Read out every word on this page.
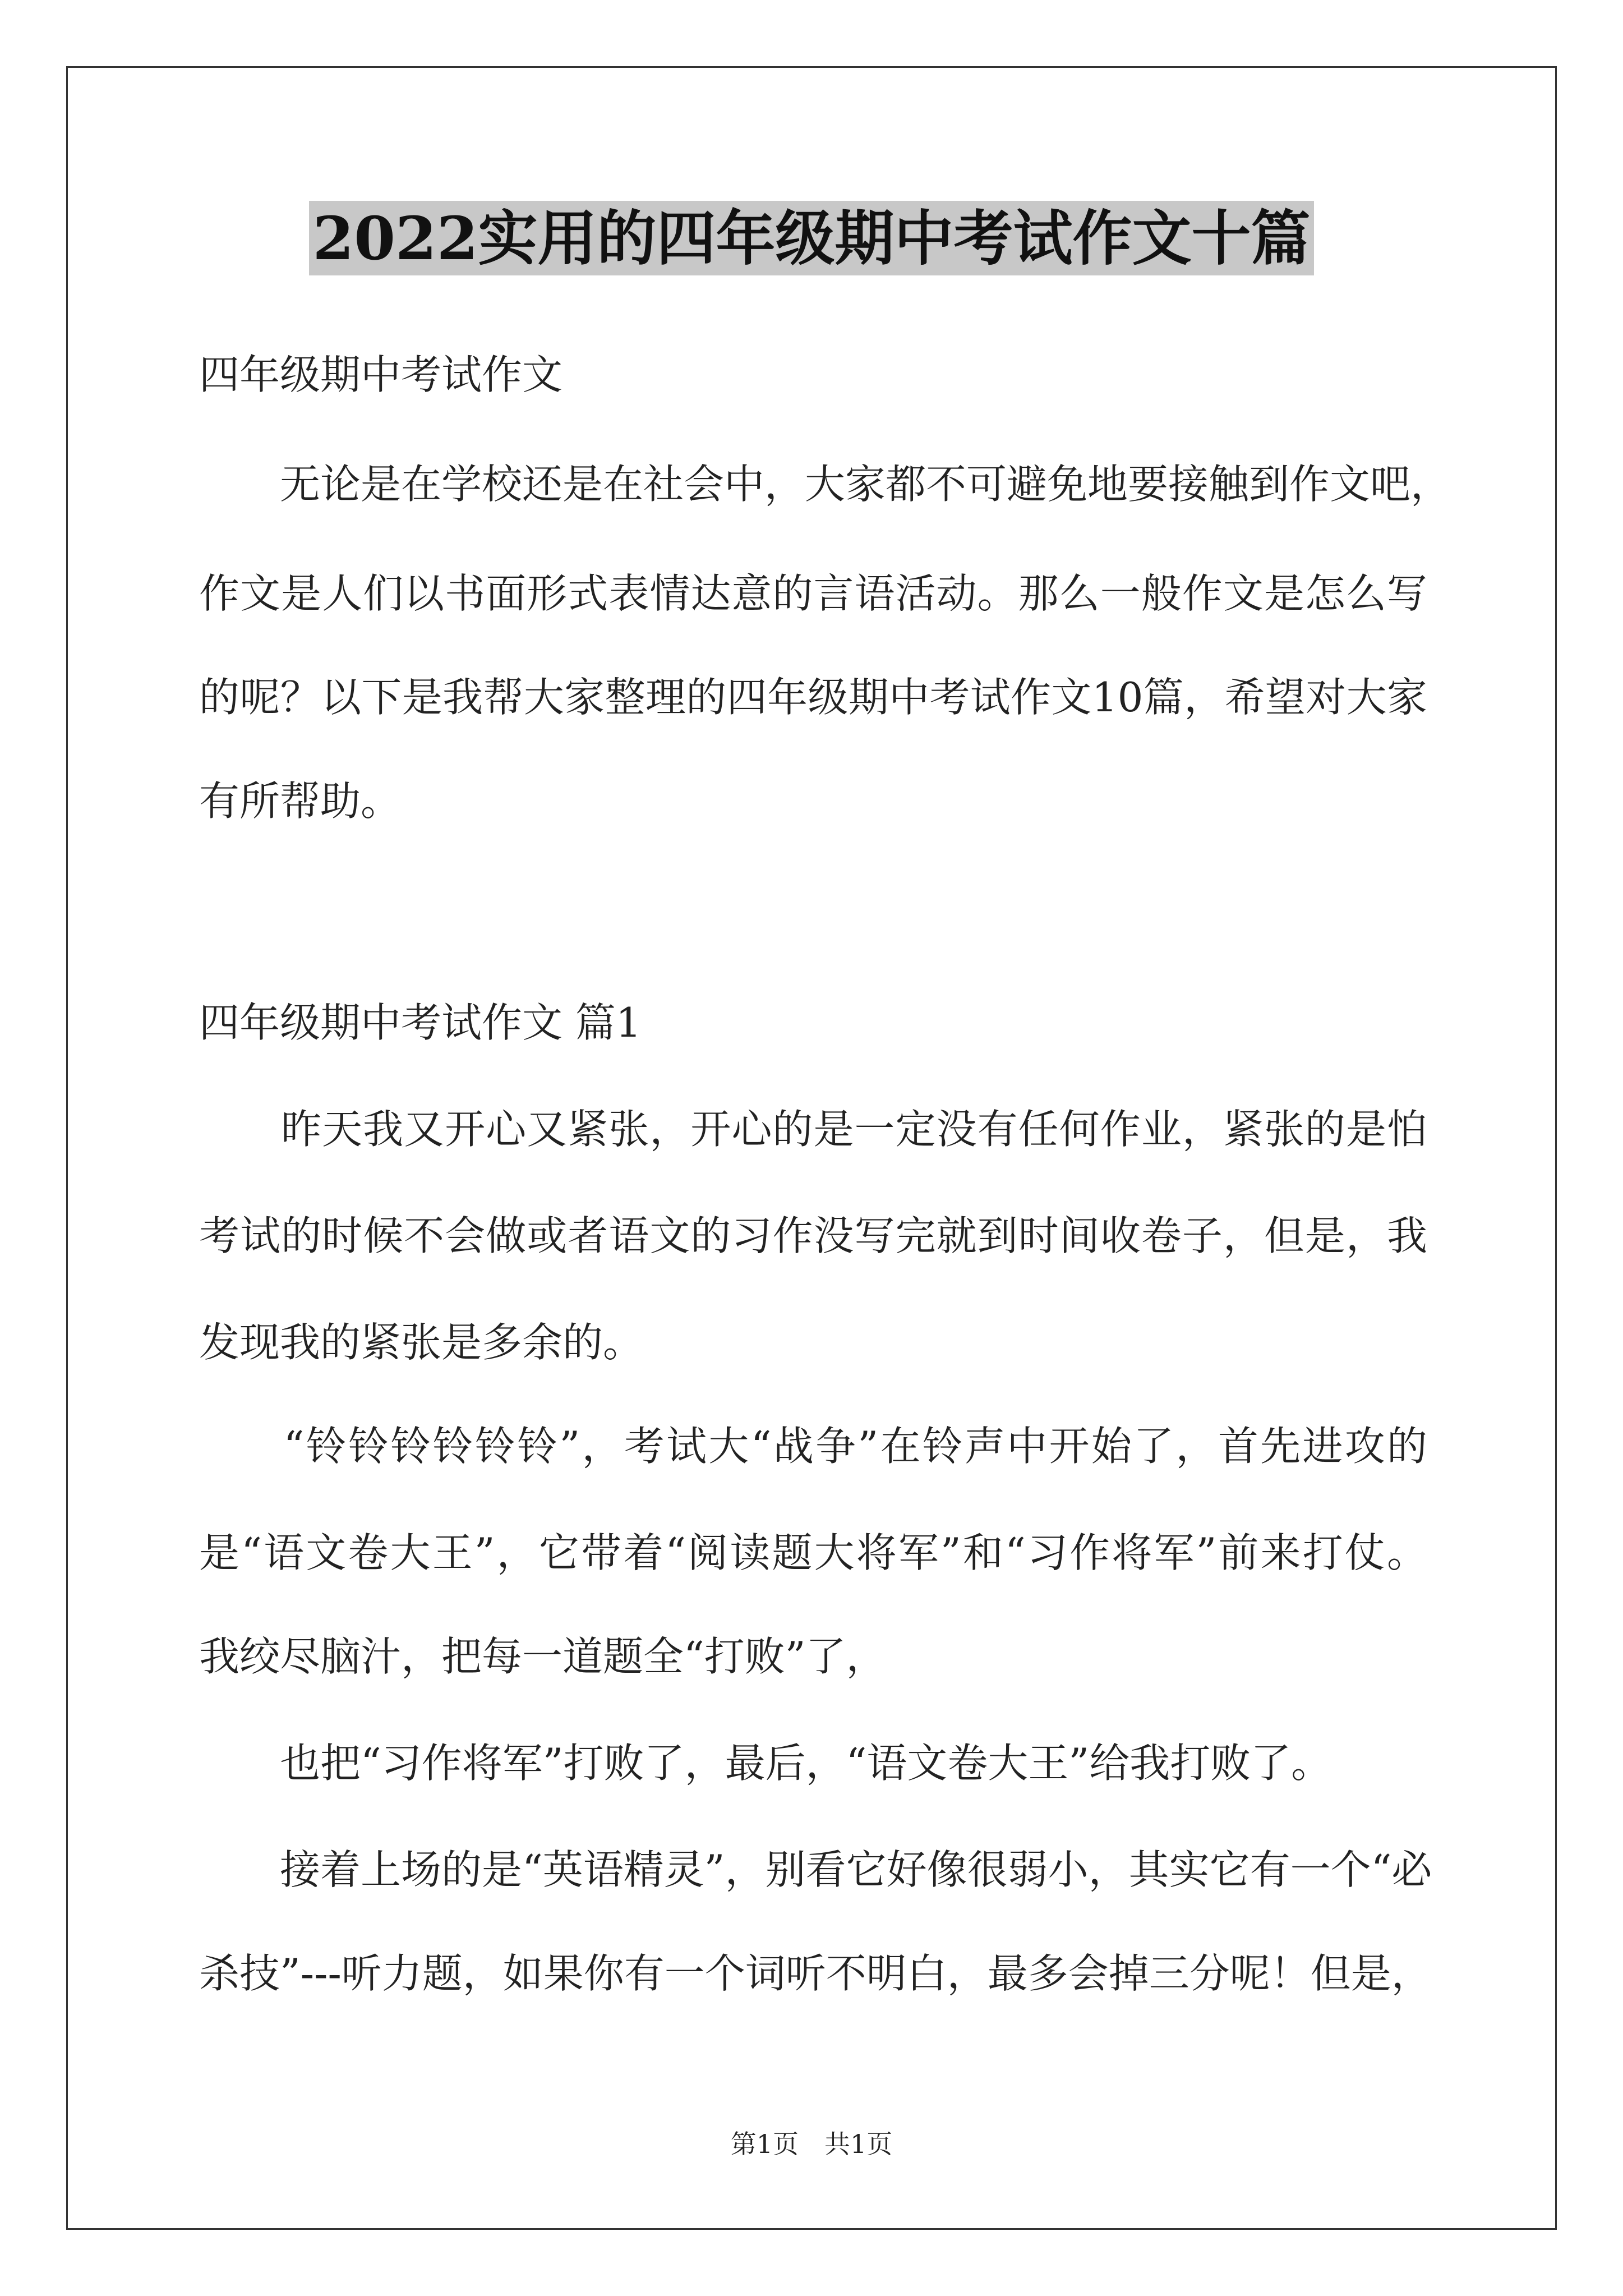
2022实用的四年级期中考试作文十篇
四年级期中考试作文
　　无论是在学校还是在社会中，大家都不可避免地要接触到作文吧，
作文是人们以书面形式表情达意的言语活动。那么一般作文是怎么写
的呢？以下是我帮大家整理的四年级期中考试作文10篇，希望对大家
有所帮助。
四年级期中考试作文 篇1
　　昨天我又开心又紧张，开心的是一定没有任何作业，紧张的是怕
考试的时候不会做或者语文的习作没写完就到时间收卷子，但是，我
发现我的紧张是多余的。
　　“铃铃铃铃铃铃”，考试大“战争”在铃声中开始了，首先进攻的
是“语文卷大王”，它带着“阅读题大将军”和“习作将军”前来打仗。
我绞尽脑汁，把每一道题全“打败”了，
　　也把“习作将军”打败了，最后，“语文卷大王”给我打败了。
　　接着上场的是“英语精灵”，别看它好像很弱小，其实它有一个“必
杀技”---听力题，如果你有一个词听不明白，最多会掉三分呢！但是，
第1页　共1页
